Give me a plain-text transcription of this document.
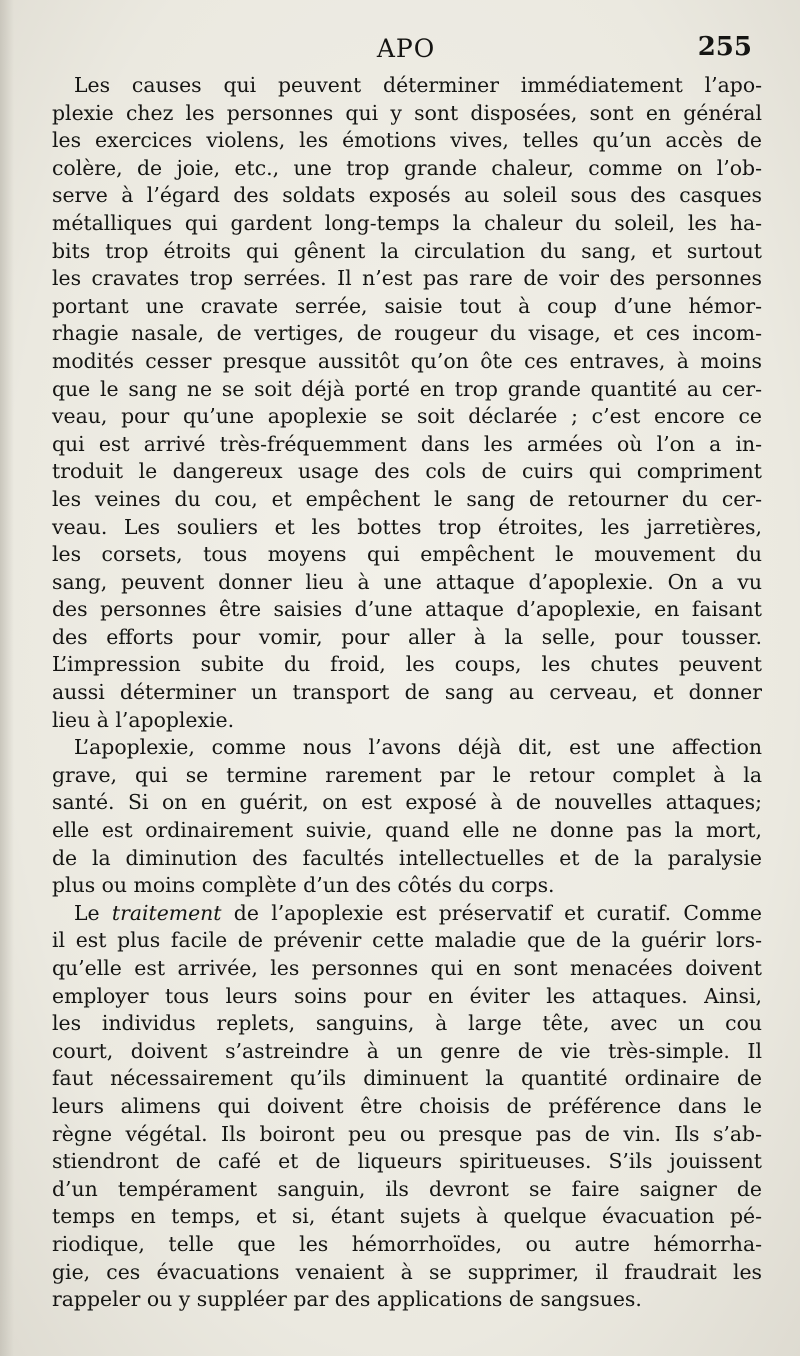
APO	255
Les causes qui peuvent déterminer immédiatement l’apo-
plexie chez les personnes qui y sont disposées, sont en général
les exercices violens, les émotions vives, telles qu’un accès de
colère, de joie, etc., une trop grande chaleur, comme on l’ob-
serve à l’égard des soldats exposés au soleil sous des casques
métalliques qui gardent long-temps la chaleur du soleil, les ha-
bits trop étroits qui gênent la circulation du sang, et surtout
les cravates trop serrées. Il n’est pas rare de voir des personnes
portant une cravate serrée, saisie tout à coup d’une hémor-
rhagie nasale, de vertiges, de rougeur du visage, et ces incom-
modités cesser presque aussitôt qu’on ôte ces entraves, à moins
que le sang ne se soit déjà porté en trop grande quantité au cer-
veau, pour qu’une apoplexie se soit déclarée ; c’est encore ce
qui est arrivé très-fréquemment dans les armées où l’on a in-
troduit le dangereux usage des cols de cuirs qui compriment
les veines du cou, et empêchent le sang de retourner du cer-
veau. Les souliers et les bottes trop étroites, les jarretières,
les corsets, tous moyens qui empêchent le mouvement du
sang, peuvent donner lieu à une attaque d’apoplexie. On a vu
des personnes être saisies d’une attaque d’apoplexie, en faisant
des efforts pour vomir, pour aller à la selle, pour tousser.
L’impression subite du froid, les coups, les chutes peuvent
aussi déterminer un transport de sang au cerveau, et donner
lieu à l’apoplexie.
L’apoplexie, comme nous l’avons déjà dit, est une affection
grave, qui se termine rarement par le retour complet à la
santé. Si on en guérit, on est exposé à de nouvelles attaques;
elle est ordinairement suivie, quand elle ne donne pas la mort,
de la diminution des facultés intellectuelles et de la paralysie
plus ou moins complète d’un des côtés du corps.
Le traitement de l’apoplexie est préservatif et curatif. Comme
il est plus facile de prévenir cette maladie que de la guérir lors-
qu’elle est arrivée, les personnes qui en sont menacées doivent
employer tous leurs soins pour en éviter les attaques. Ainsi,
les individus replets, sanguins, à large tête, avec un cou
court, doivent s’astreindre à un genre de vie très-simple. Il
faut nécessairement qu’ils diminuent la quantité ordinaire de
leurs alimens qui doivent être choisis de préférence dans le
règne végétal. Ils boiront peu ou presque pas de vin. Ils s’ab-
stiendront de café et de liqueurs spiritueuses. S’ils jouissent
d’un tempérament sanguin, ils devront se faire saigner de
temps en temps, et si, étant sujets à quelque évacuation pé-
riodique, telle que les hémorrhoïdes, ou autre hémorrha-
gie, ces évacuations venaient à se supprimer, il fraudrait les
rappeler ou y suppléer par des applications de sangsues.
